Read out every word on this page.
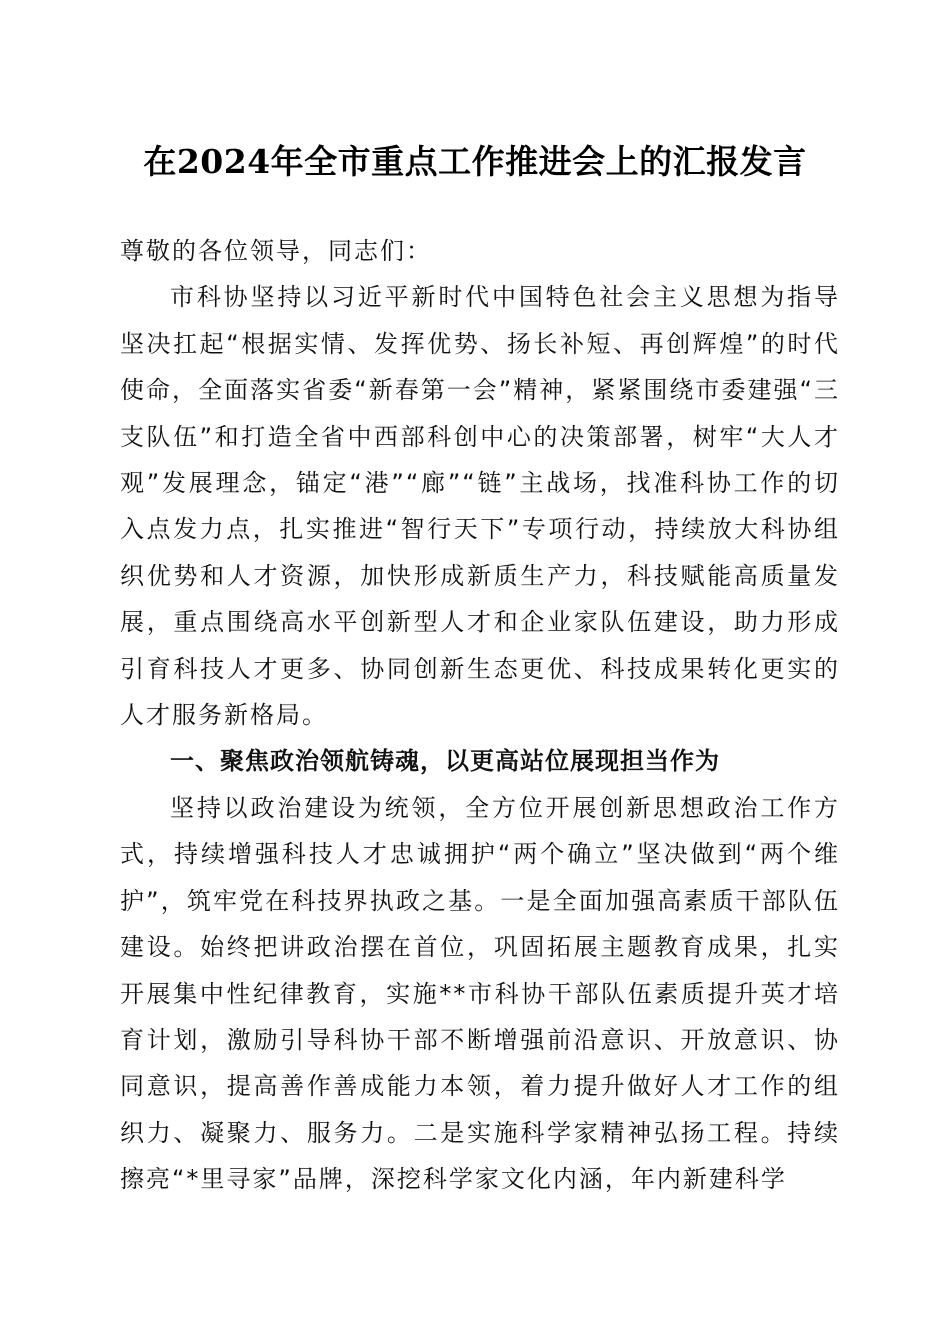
在2024年全市重点工作推进会上的汇报发言

尊敬的各位领导，同志们：

市科协坚持以习近平新时代中国特色社会主义思想为指导坚决扛起“根据实情、发挥优势、扬长补短、再创辉煌”的时代使命，全面落实省委“新春第一会”精神，紧紧围绕市委建强“三支队伍”和打造全省中西部科创中心的决策部署，树牢“大人才观”发展理念，锚定“港”“廊”“链”主战场，找准科协工作的切入点发力点，扎实推进“智行天下”专项行动，持续放大科协组织优势和人才资源，加快形成新质生产力，科技赋能高质量发展，重点围绕高水平创新型人才和企业家队伍建设，助力形成引育科技人才更多、协同创新生态更优、科技成果转化更实的人才服务新格局。

一、聚焦政治领航铸魂，以更高站位展现担当作为

坚持以政治建设为统领，全方位开展创新思想政治工作方式，持续增强科技人才忠诚拥护“两个确立”坚决做到“两个维护”，筑牢党在科技界执政之基。一是全面加强高素质干部队伍建设。始终把讲政治摆在首位，巩固拓展主题教育成果，扎实开展集中性纪律教育，实施**市科协干部队伍素质提升英才培育计划，激励引导科协干部不断增强前沿意识、开放意识、协同意识，提高善作善成能力本领，着力提升做好人才工作的组织力、凝聚力、服务力。二是实施科学家精神弘扬工程。持续擦亮“*里寻家”品牌，深挖科学家文化内涵，年内新建科学
